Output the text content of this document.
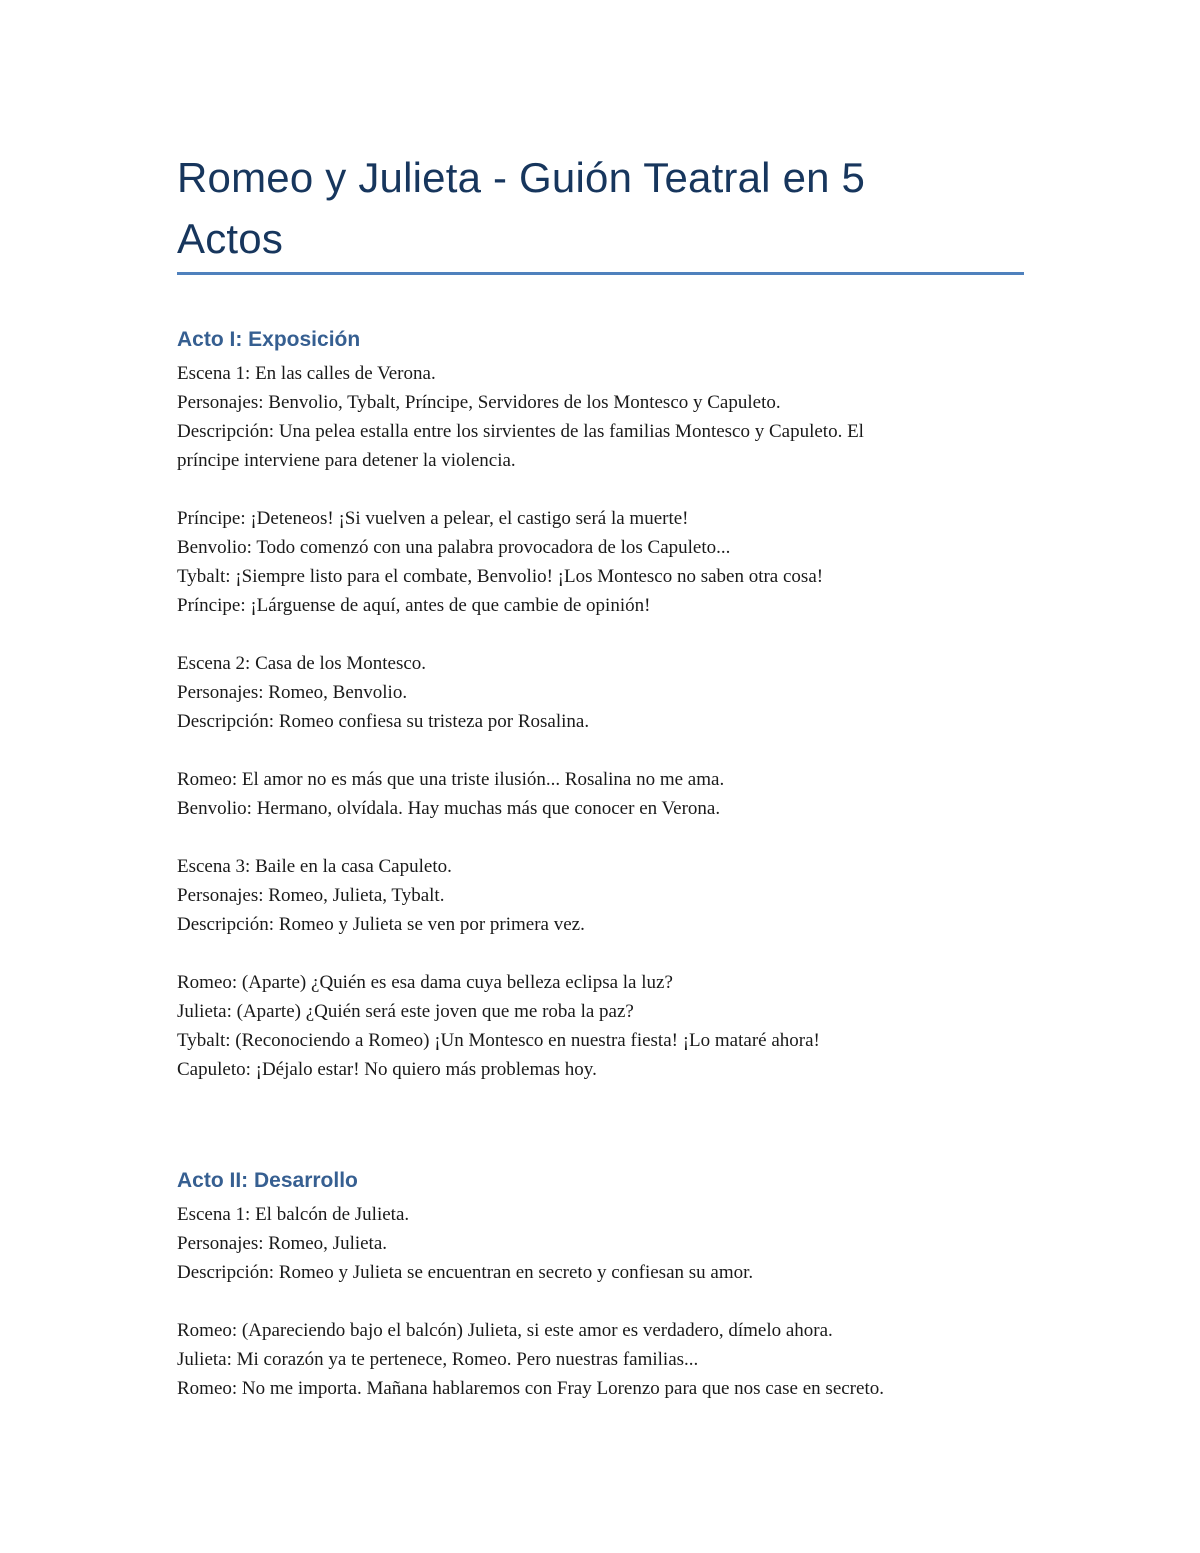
Romeo y Julieta - Guión Teatral en 5
Actos
Acto I: Exposición

Escena 1: En las calles de Verona.

Personajes: Benvolio, Tybalt, Príncipe, Servidores de los Montesco y Capuleto.

Descripción: Una pelea estalla entre los sirvientes de las familias Montesco y Capuleto. El

príncipe interviene para detener la violencia.

Príncipe: ¡Deteneos! ¡Si vuelven a pelear, el castigo será la muerte!

Benvolio: Todo comenzó con una palabra provocadora de los Capuleto...

Tybalt: ¡Siempre listo para el combate, Benvolio! ¡Los Montesco no saben otra cosa!

Príncipe: ¡Lárguense de aquí, antes de que cambie de opinión!

Escena 2: Casa de los Montesco.

Personajes: Romeo, Benvolio.

Descripción: Romeo confiesa su tristeza por Rosalina.

Romeo: El amor no es más que una triste ilusión... Rosalina no me ama.

Benvolio: Hermano, olvídala. Hay muchas más que conocer en Verona.

Escena 3: Baile en la casa Capuleto.

Personajes: Romeo, Julieta, Tybalt.

Descripción: Romeo y Julieta se ven por primera vez.

Romeo: (Aparte) ¿Quién es esa dama cuya belleza eclipsa la luz?

Julieta: (Aparte) ¿Quién será este joven que me roba la paz?

Tybalt: (Reconociendo a Romeo) ¡Un Montesco en nuestra fiesta! ¡Lo mataré ahora!

Capuleto: ¡Déjalo estar! No quiero más problemas hoy.

Acto II: Desarrollo

Escena 1: El balcón de Julieta.

Personajes: Romeo, Julieta.

Descripción: Romeo y Julieta se encuentran en secreto y confiesan su amor.

Romeo: (Apareciendo bajo el balcón) Julieta, si este amor es verdadero, dímelo ahora.

Julieta: Mi corazón ya te pertenece, Romeo. Pero nuestras familias...

Romeo: No me importa. Mañana hablaremos con Fray Lorenzo para que nos case en secreto.
